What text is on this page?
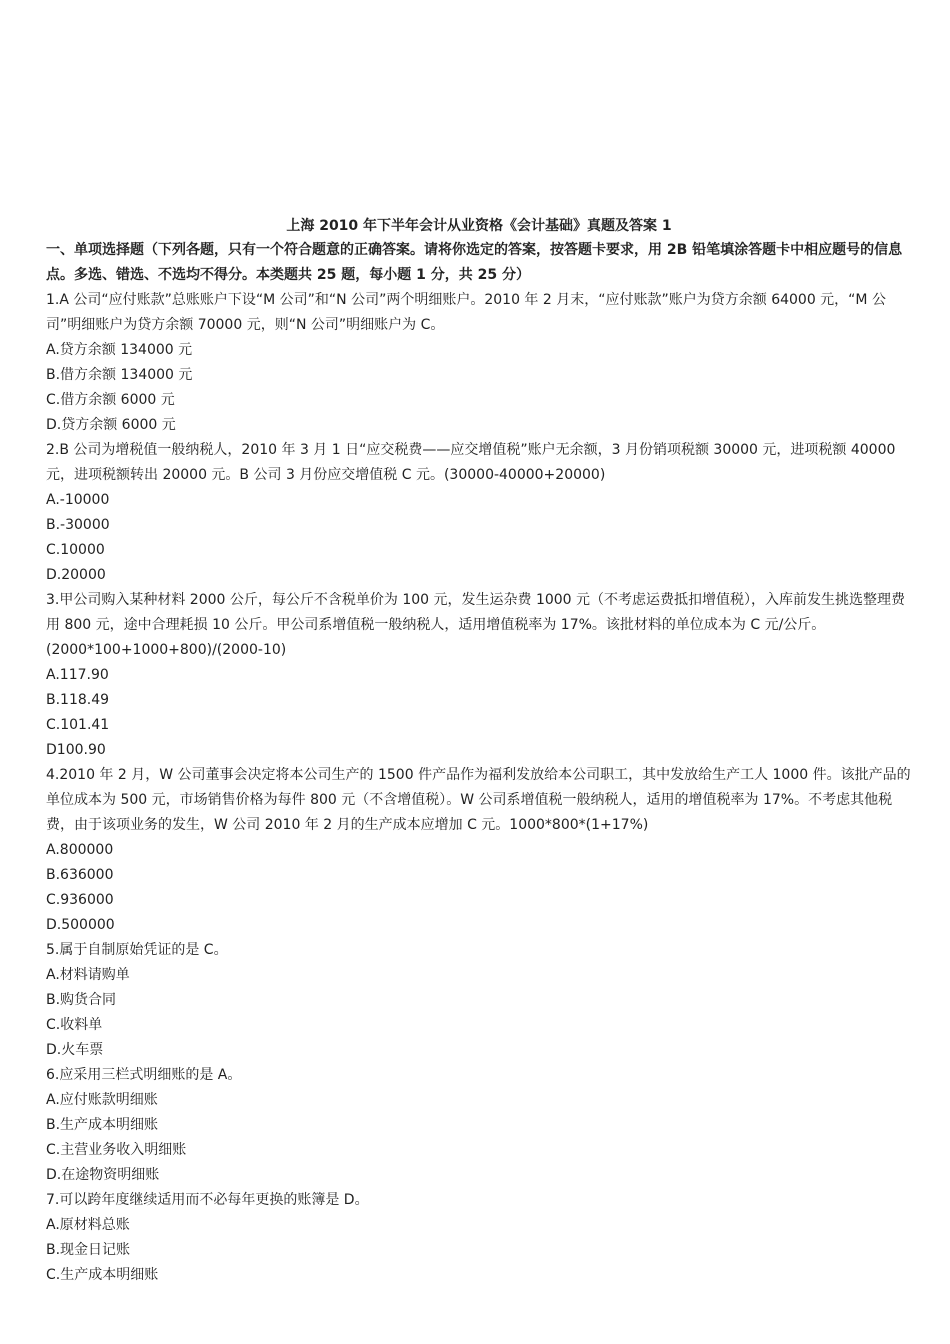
上海 2010 年下半年会计从业资格《会计基础》真题及答案 1
一、单项选择题（下列各题，只有一个符合题意的正确答案。请将你选定的答案，按答题卡要求，用 2B 铅笔填涂答题卡中相应题号的信息点。多选、错选、不选均不得分。本类题共 25 题，每小题 1 分，共 25 分）
1.A 公司“应付账款”总账账户下设“M 公司”和“N 公司”两个明细账户。2010 年 2 月末，“应付账款”账户为贷方余额 64000 元，“M 公司”明细账户为贷方余额 70000 元，则“N 公司”明细账户为 C。
A.贷方余额 134000 元
B.借方余额 134000 元
C.借方余额 6000 元
D.贷方余额 6000 元
2.B 公司为增税值一般纳税人，2010 年 3 月 1 日“应交税费——应交增值税”账户无余额，3 月份销项税额 30000 元，进项税额 40000 元，进项税额转出 20000 元。B 公司 3 月份应交增值税 C 元。(30000-40000+20000)
A.-10000
B.-30000
C.10000
D.20000
3.甲公司购入某种材料 2000 公斤，每公斤不含税单价为 100 元，发生运杂费 1000 元（不考虑运费抵扣增值税），入库前发生挑选整理费用 800 元，途中合理耗损 10 公斤。甲公司系增值税一般纳税人，适用增值税率为 17%。该批材料的单位成本为 C 元/公斤。(2000*100+1000+800)/(2000-10)
A.117.90
B.118.49
C.101.41
D100.90
4.2010 年 2 月，W 公司董事会决定将本公司生产的 1500 件产品作为福利发放给本公司职工，其中发放给生产工人 1000 件。该批产品的单位成本为 500 元，市场销售价格为每件 800 元（不含增值税）。W 公司系增值税一般纳税人，适用的增值税率为 17%。不考虑其他税费，由于该项业务的发生，W 公司 2010 年 2 月的生产成本应增加 C 元。1000*800*(1+17%)
A.800000
B.636000
C.936000
D.500000
5.属于自制原始凭证的是 C。
A.材料请购单
B.购货合同
C.收料单
D.火车票
6.应采用三栏式明细账的是 A。
A.应付账款明细账
B.生产成本明细账
C.主营业务收入明细账
D.在途物资明细账
7.可以跨年度继续适用而不必每年更换的账簿是 D。
A.原材料总账
B.现金日记账
C.生产成本明细账
